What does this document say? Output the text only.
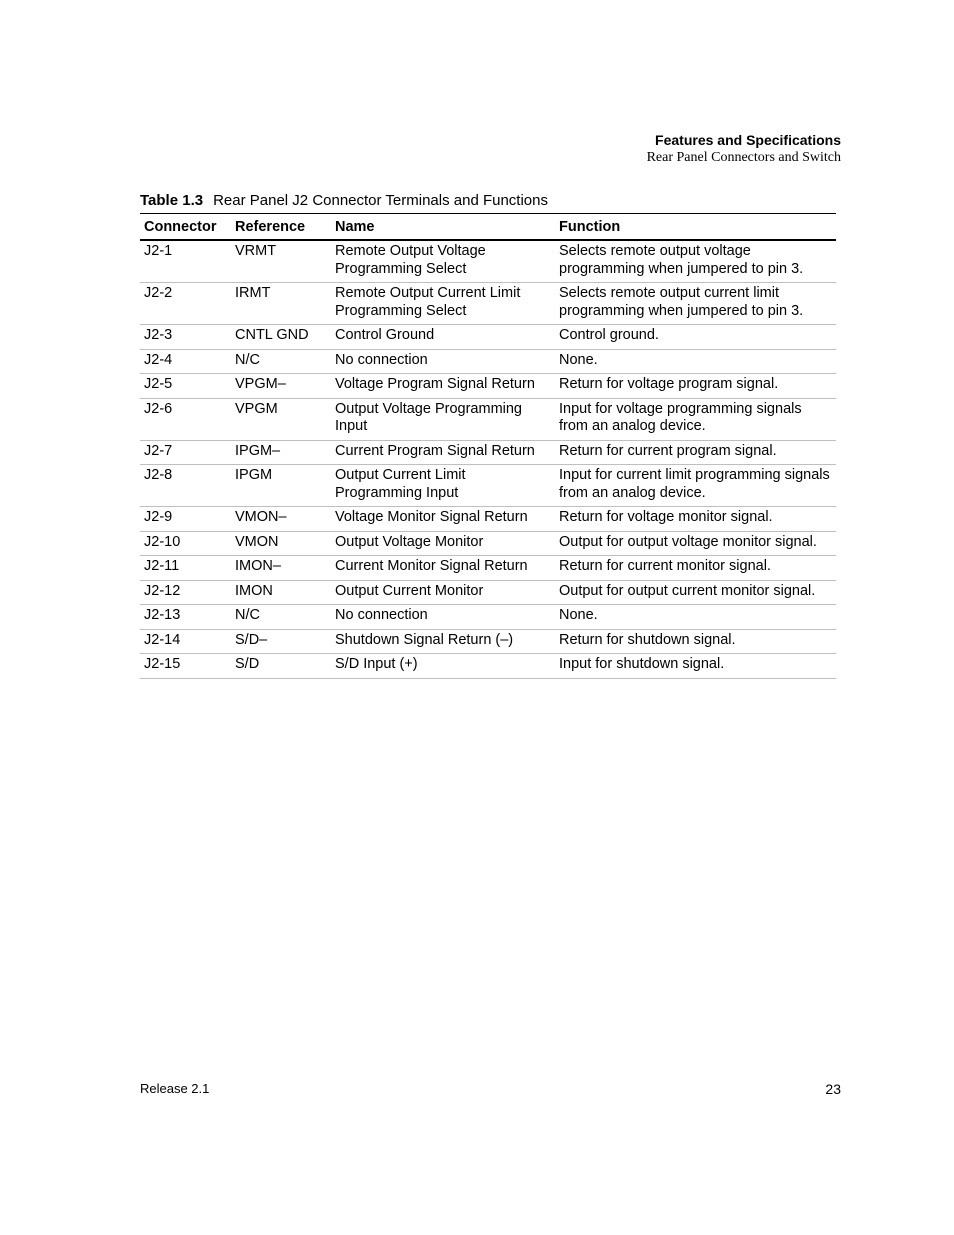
Features and Specifications
Rear Panel Connectors and Switch
Table 1.3 Rear Panel J2 Connector Terminals and Functions
Connector	Reference	Name	Function
J2-1	VRMT	Remote Output Voltage Programming Select	Selects remote output voltage programming when jumpered to pin 3.
J2-2	IRMT	Remote Output Current Limit Programming Select	Selects remote output current limit programming when jumpered to pin 3.
J2-3	CNTL GND	Control Ground	Control ground.
J2-4	N/C	No connection	None.
J2-5	VPGM–	Voltage Program Signal Return	Return for voltage program signal.
J2-6	VPGM	Output Voltage Programming Input	Input for voltage programming signals from an analog device.
J2-7	IPGM–	Current Program Signal Return	Return for current program signal.
J2-8	IPGM	Output Current Limit Programming Input	Input for current limit programming signals from an analog device.
J2-9	VMON–	Voltage Monitor Signal Return	Return for voltage monitor signal.
J2-10	VMON	Output Voltage Monitor	Output for output voltage monitor signal.
J2-11	IMON–	Current Monitor Signal Return	Return for current monitor signal.
J2-12	IMON	Output Current Monitor	Output for output current monitor signal.
J2-13	N/C	No connection	None.
J2-14	S/D–	Shutdown Signal Return (–)	Return for shutdown signal.
J2-15	S/D	S/D Input (+)	Input for shutdown signal.
Release 2.1	23
